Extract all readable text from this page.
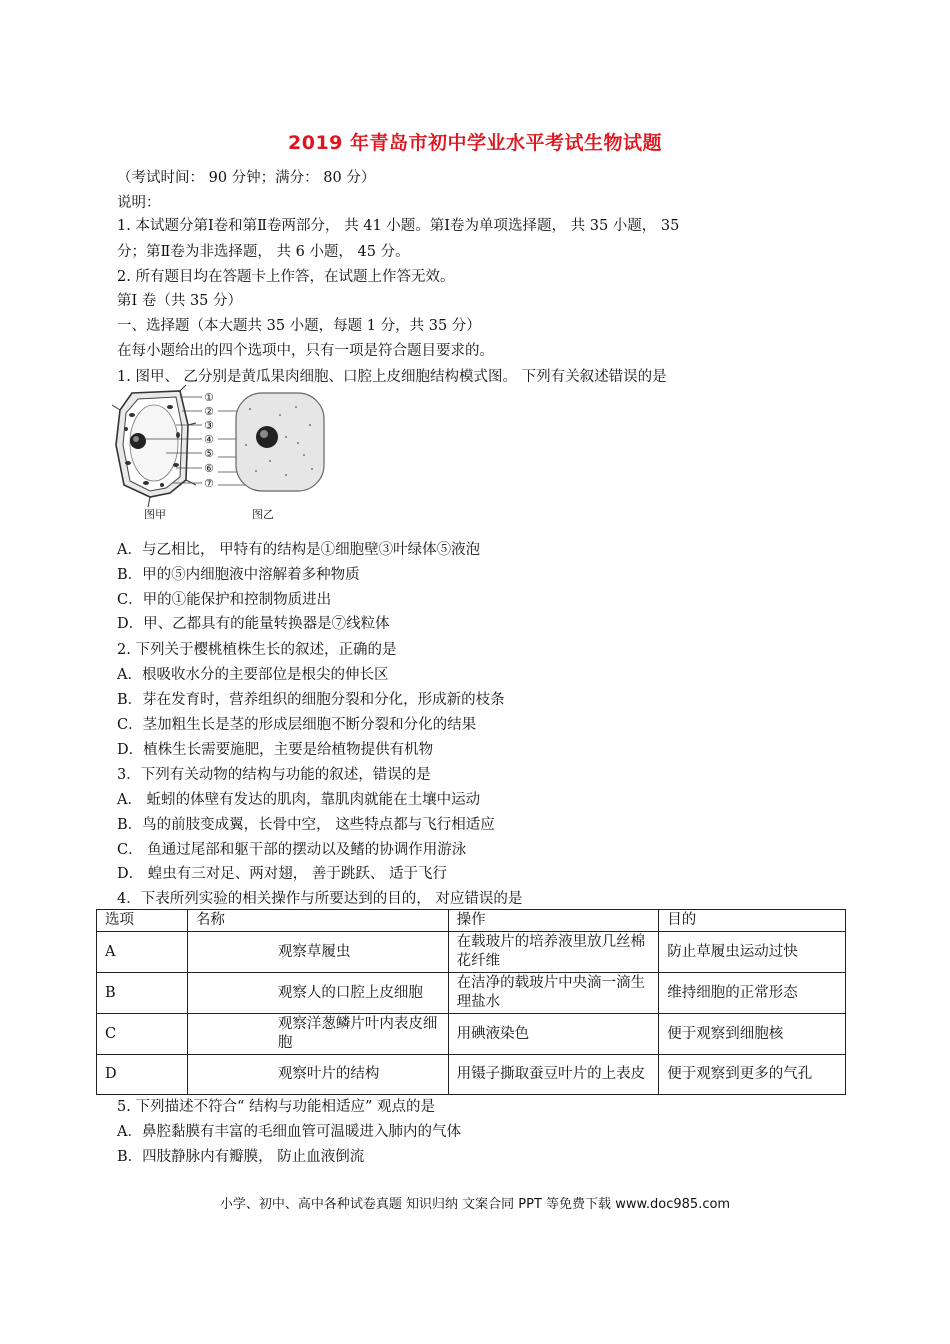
2019 年青岛市初中学业水平考试生物试题
（考试时间： 90 分钟；满分： 80 分）
说明：
1. 本试题分第Ⅰ卷和第Ⅱ卷两部分， 共 41 小题。第Ⅰ卷为单项选择题， 共 35 小题， 35
分；第Ⅱ卷为非选择题， 共 6 小题， 45 分。
2. 所有题目均在答题卡上作答，在试题上作答无效。
第Ⅰ 卷（共 35 分）
一、选择题（本大题共 35 小题，每题 1 分，共 35 分）
在每小题给出的四个选项中，只有一项是符合题目要求的。
1. 图甲、 乙分别是黄瓜果肉细胞、口腔上皮细胞结构模式图。 下列有关叙述错误的是
①
②
③
④
⑤
⑥
⑦
图甲	图乙
A．与乙相比， 甲特有的结构是①细胞壁③叶绿体⑤液泡
B．甲的⑤内细胞液中溶解着多种物质
C．甲的①能保护和控制物质进出
D．甲、乙都具有的能量转换器是⑦线粒体
2. 下列关于樱桃植株生长的叙述，正确的是
A．根吸收水分的主要部位是根尖的伸长区
B．芽在发育时，营养组织的细胞分裂和分化，形成新的枝条
C．茎加粗生长是茎的形成层细胞不断分裂和分化的结果
D．植株生长需要施肥，主要是给植物提供有机物
3．下列有关动物的结构与功能的叙述，错误的是
A． 蚯蚓的体壁有发达的肌肉，靠肌肉就能在土壤中运动
B．鸟的前肢变成翼，长骨中空， 这些特点都与飞行相适应
C． 鱼通过尾部和躯干部的摆动以及鳍的协调作用游泳
D． 蝗虫有三对足、两对翅， 善于跳跃、 适于飞行
4．下表所列实验的相关操作与所要达到的目的， 对应错误的是
选项	名称	操作	目的
A	观察草履虫	在载玻片的培养液里放几丝棉花纤维	防止草履虫运动过快
B	观察人的口腔上皮细胞	在洁净的载玻片中央滴一滴生理盐水	维持细胞的正常形态
C	观察洋葱鳞片叶内表皮细胞	用碘液染色	便于观察到细胞核
D	观察叶片的结构	用镊子撕取蚕豆叶片的上表皮	便于观察到更多的气孔
5. 下列描述不符合“ 结构与功能相适应” 观点的是
A．鼻腔黏膜有丰富的毛细血管可温暖进入肺内的气体
B．四肢静脉内有瓣膜， 防止血液倒流
小学、初中、高中各种试卷真题 知识归纳 文案合同 PPT 等免费下载 www.doc985.com
